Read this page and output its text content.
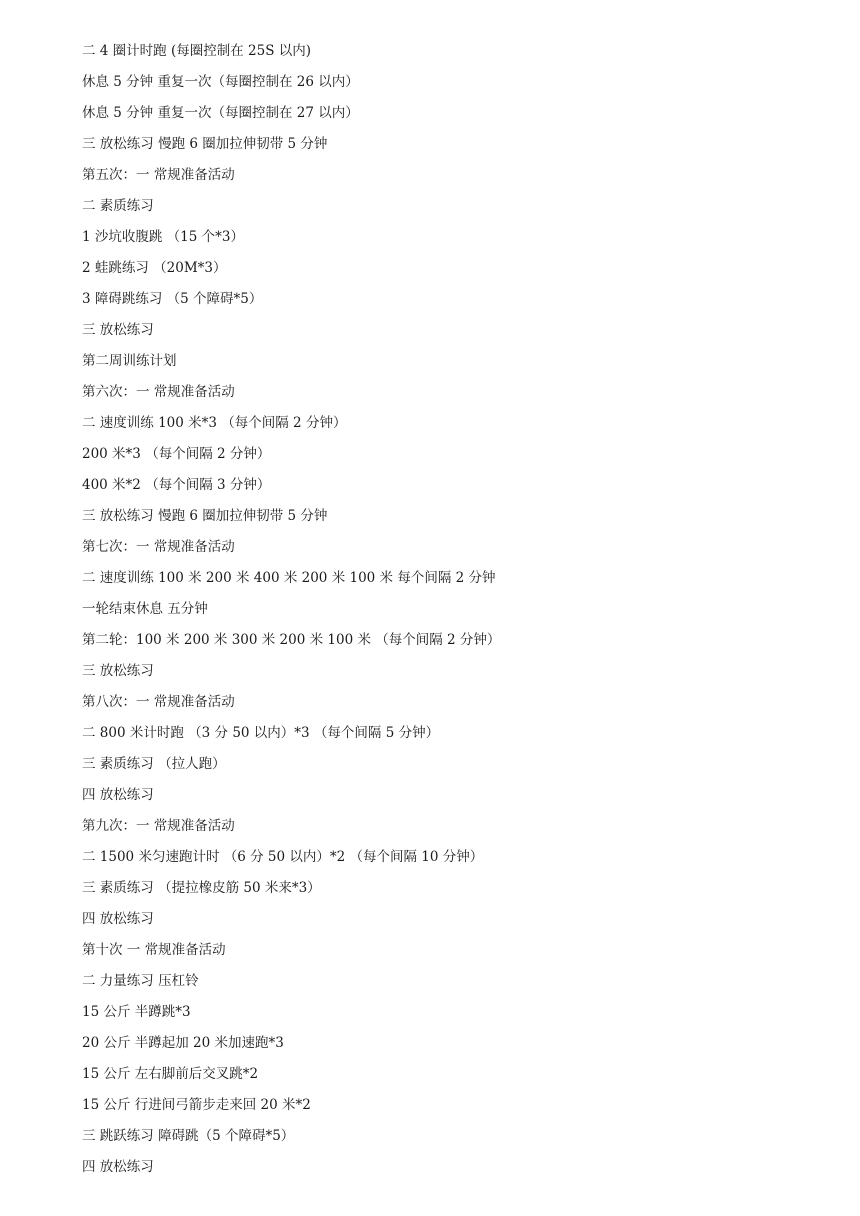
二 4 圈计时跑 (每圈控制在 25S 以内)
休息 5 分钟 重复一次（每圈控制在 26 以内）
休息 5 分钟 重复一次（每圈控制在 27 以内）
三 放松练习 慢跑 6 圈加拉伸韧带 5 分钟
第五次：一 常规准备活动
二 素质练习
1 沙坑收腹跳 （15 个*3）
2 蛙跳练习 （20M*3）
3 障碍跳练习 （5 个障碍*5）
三 放松练习
第二周训练计划
第六次：一 常规准备活动
二 速度训练 100 米*3 （每个间隔 2 分钟）
200 米*3 （每个间隔 2 分钟）
400 米*2 （每个间隔 3 分钟）
三 放松练习 慢跑 6 圈加拉伸韧带 5 分钟
第七次：一 常规准备活动
二 速度训练 100 米 200 米 400 米 200 米 100 米 每个间隔 2 分钟
一轮结束休息 五分钟
第二轮：100 米 200 米 300 米 200 米 100 米 （每个间隔 2 分钟）
三 放松练习
第八次：一 常规准备活动
二 800 米计时跑 （3 分 50 以内）*3 （每个间隔 5 分钟）
三 素质练习 （拉人跑）
四 放松练习
第九次：一 常规准备活动
二 1500 米匀速跑计时 （6 分 50 以内）*2 （每个间隔 10 分钟）
三 素质练习 （提拉橡皮筋 50 米来*3）
四 放松练习
第十次 一 常规准备活动
二 力量练习 压杠铃
15 公斤 半蹲跳*3
20 公斤 半蹲起加 20 米加速跑*3
15 公斤 左右脚前后交叉跳*2
15 公斤 行进间弓箭步走来回 20 米*2
三 跳跃练习 障碍跳（5 个障碍*5）
四 放松练习
